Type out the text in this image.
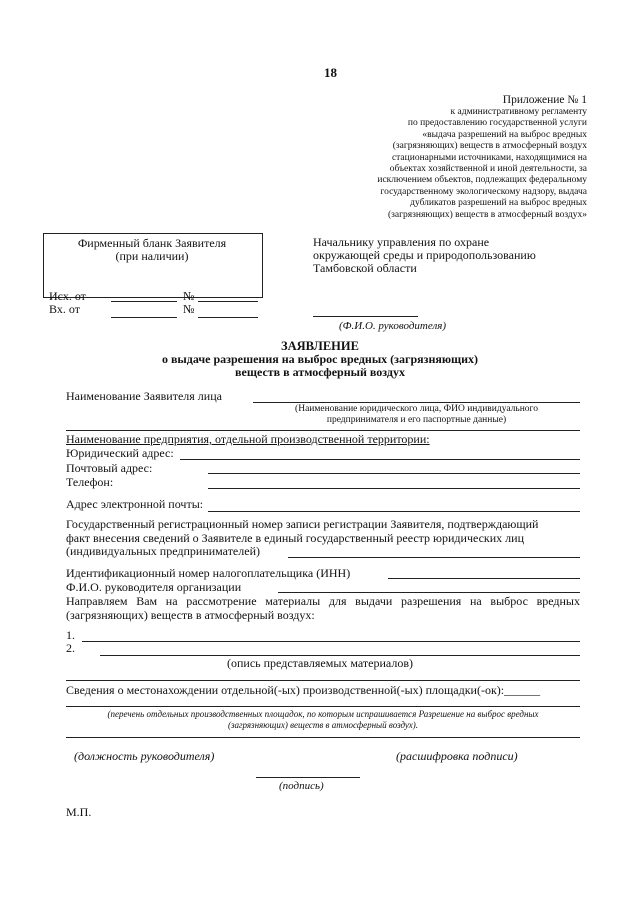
18
Приложение № 1
к административному регламенту
по предоставлению государственной услуги
«выдача разрешений на выброс вредных
(загрязняющих) веществ в атмосферный воздух
стационарными источниками, находящимися на
объектах хозяйственной и иной деятельности, за
исключением объектов, подлежащих федеральному
государственному экологическому надзору, выдача
дубликатов разрешений на выброс вредных
(загрязняющих) веществ в атмосферный воздух»
Фирменный бланк Заявителя
(при наличии)
Исх. от	№
Вх. от	№
Начальнику управления по охране
окружающей среды и природопользованию
Тамбовской области
(Ф.И.О. руководителя)
ЗАЯВЛЕНИЕ
о выдаче разрешения на выброс вредных (загрязняющих)
веществ в атмосферный воздух
Наименование Заявителя лица
(Наименование юридического лица, ФИО индивидуального
предпринимателя и его паспортные данные)
Наименование предприятия, отдельной производственной территории:
Юридический адрес:
Почтовый адрес:
Телефон:
Адрес электронной почты:
Государственный регистрационный номер записи регистрации Заявителя, подтверждающий
факт внесения сведений о Заявителе в единый государственный реестр юридических лиц
(индивидуальных предпринимателей)
Идентификационный номер налогоплательщика (ИНН)
Ф.И.О. руководителя организации
Направляем Вам на рассмотрение материалы для выдачи разрешения на выброс вредных
(загрязняющих) веществ в атмосферный воздух:
1.
2.
(опись представляемых материалов)
Сведения о местонахождении отдельной(-ых) производственной(-ых) площадки(-ок):______
(перечень отдельных производственных площадок, по которым испрашивается Разрешение на выброс вредных
(загрязняющих) веществ в атмосферный воздух).
(должность руководителя)	(расшифровка подписи)
(подпись)
М.П.
